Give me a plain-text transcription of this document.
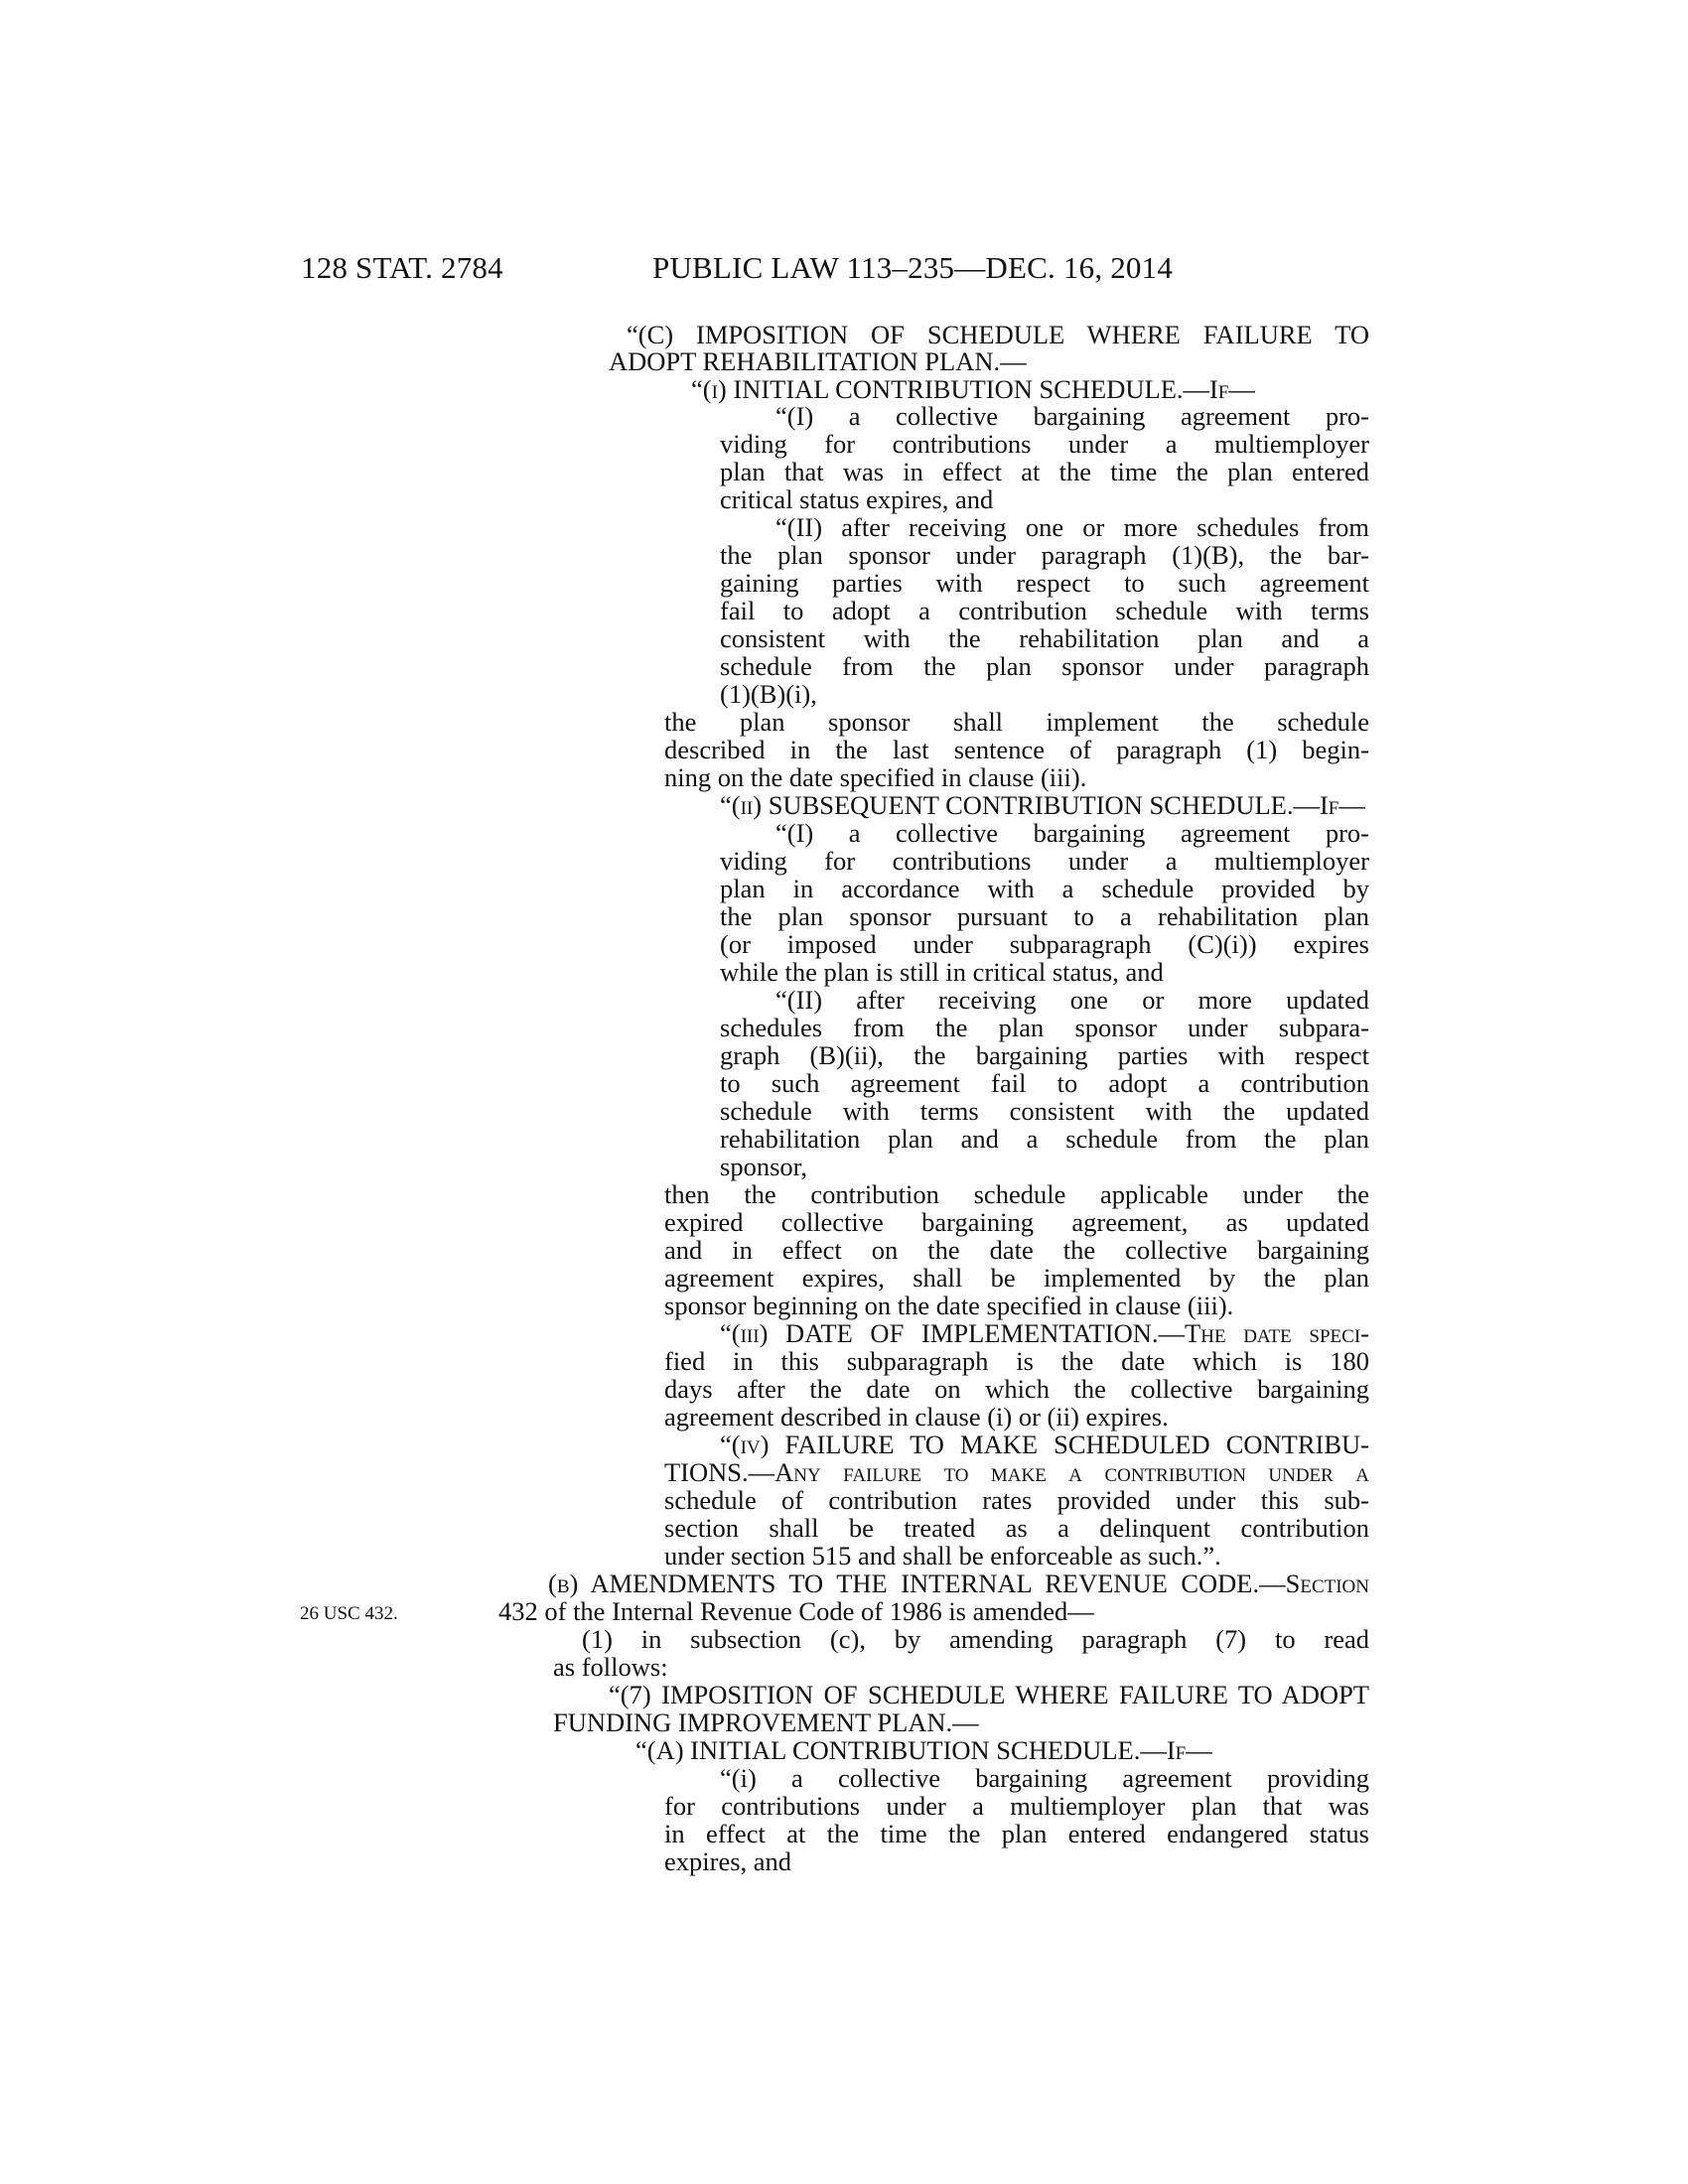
128 STAT. 2784	PUBLIC LAW 113–235—DEC. 16, 2014
26 USC 432.
“(C) IMPOSITION OF SCHEDULE WHERE FAILURE TO
ADOPT REHABILITATION PLAN.—
“(i) INITIAL CONTRIBUTION SCHEDULE.—If—
“(I) a collective bargaining agreement pro-
viding for contributions under a multiemployer
plan that was in effect at the time the plan entered
critical status expires, and
“(II) after receiving one or more schedules from
the plan sponsor under paragraph (1)(B), the bar-
gaining parties with respect to such agreement
fail to adopt a contribution schedule with terms
consistent with the rehabilitation plan and a
schedule from the plan sponsor under paragraph
(1)(B)(i),
the plan sponsor shall implement the schedule
described in the last sentence of paragraph (1) begin-
ning on the date specified in clause (iii).
“(ii) SUBSEQUENT CONTRIBUTION SCHEDULE.—If—
“(I) a collective bargaining agreement pro-
viding for contributions under a multiemployer
plan in accordance with a schedule provided by
the plan sponsor pursuant to a rehabilitation plan
(or imposed under subparagraph (C)(i)) expires
while the plan is still in critical status, and
“(II) after receiving one or more updated
schedules from the plan sponsor under subpara-
graph (B)(ii), the bargaining parties with respect
to such agreement fail to adopt a contribution
schedule with terms consistent with the updated
rehabilitation plan and a schedule from the plan
sponsor,
then the contribution schedule applicable under the
expired collective bargaining agreement, as updated
and in effect on the date the collective bargaining
agreement expires, shall be implemented by the plan
sponsor beginning on the date specified in clause (iii).
“(iii) DATE OF IMPLEMENTATION.—The date speci-
fied in this subparagraph is the date which is 180
days after the date on which the collective bargaining
agreement described in clause (i) or (ii) expires.
“(iv) FAILURE TO MAKE SCHEDULED CONTRIBU-
TIONS.—Any failure to make a contribution under a
schedule of contribution rates provided under this sub-
section shall be treated as a delinquent contribution
under section 515 and shall be enforceable as such.”.
(b) AMENDMENTS TO THE INTERNAL REVENUE CODE.—Section
432 of the Internal Revenue Code of 1986 is amended—
(1) in subsection (c), by amending paragraph (7) to read
as follows:
“(7) IMPOSITION OF SCHEDULE WHERE FAILURE TO ADOPT
FUNDING IMPROVEMENT PLAN.—
“(A) INITIAL CONTRIBUTION SCHEDULE.—If—
“(i) a collective bargaining agreement providing
for contributions under a multiemployer plan that was
in effect at the time the plan entered endangered status
expires, and
